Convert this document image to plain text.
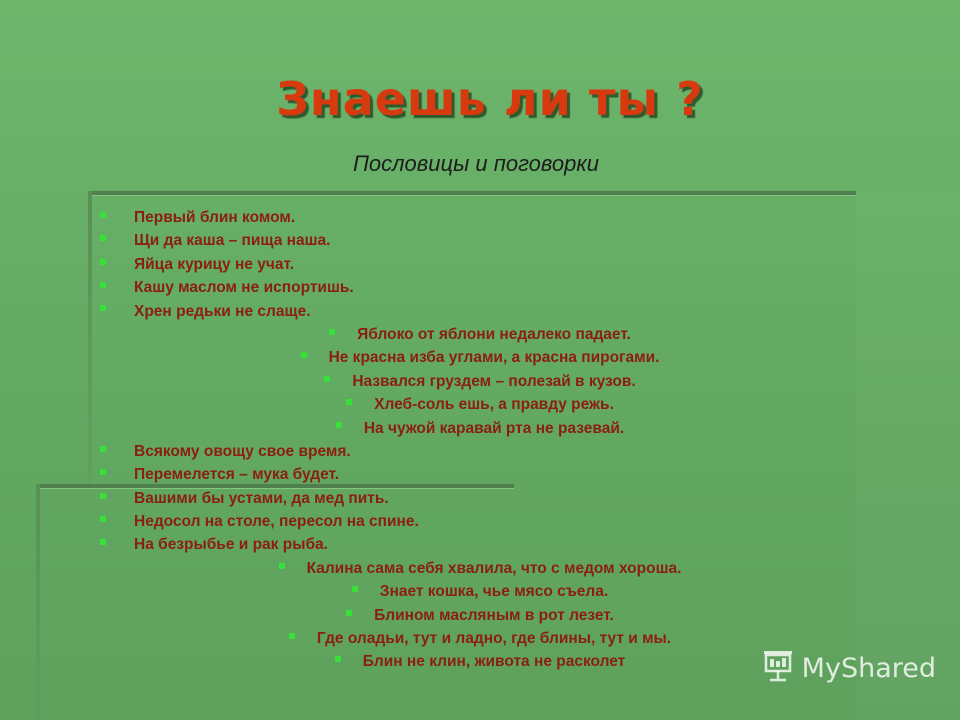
Знаешь ли ты ?
Пословицы и поговорки
Первый блин комом.
Щи да каша – пища наша.
Яйца курицу не учат.
Кашу маслом не испортишь.
Хрен редьки не слаще.
Яблоко от яблони недалеко падает.
Не красна изба углами, а красна пирогами.
Назвался груздем – полезай в кузов.
Хлеб-соль ешь, а правду режь.
На чужой каравай рта не разевай.
Всякому овощу свое время.
Перемелется – мука будет.
Вашими бы устами, да мед пить.
Недосол на столе, пересол на спине.
На безрыбье и рак рыба.
Калина сама себя хвалила, что с медом хороша.
Знает кошка, чье мясо съела.
Блином масляным в рот лезет.
Где оладьи, тут и ладно, где блины, тут и мы.
Блин не клин, живота не расколет	MyShared
